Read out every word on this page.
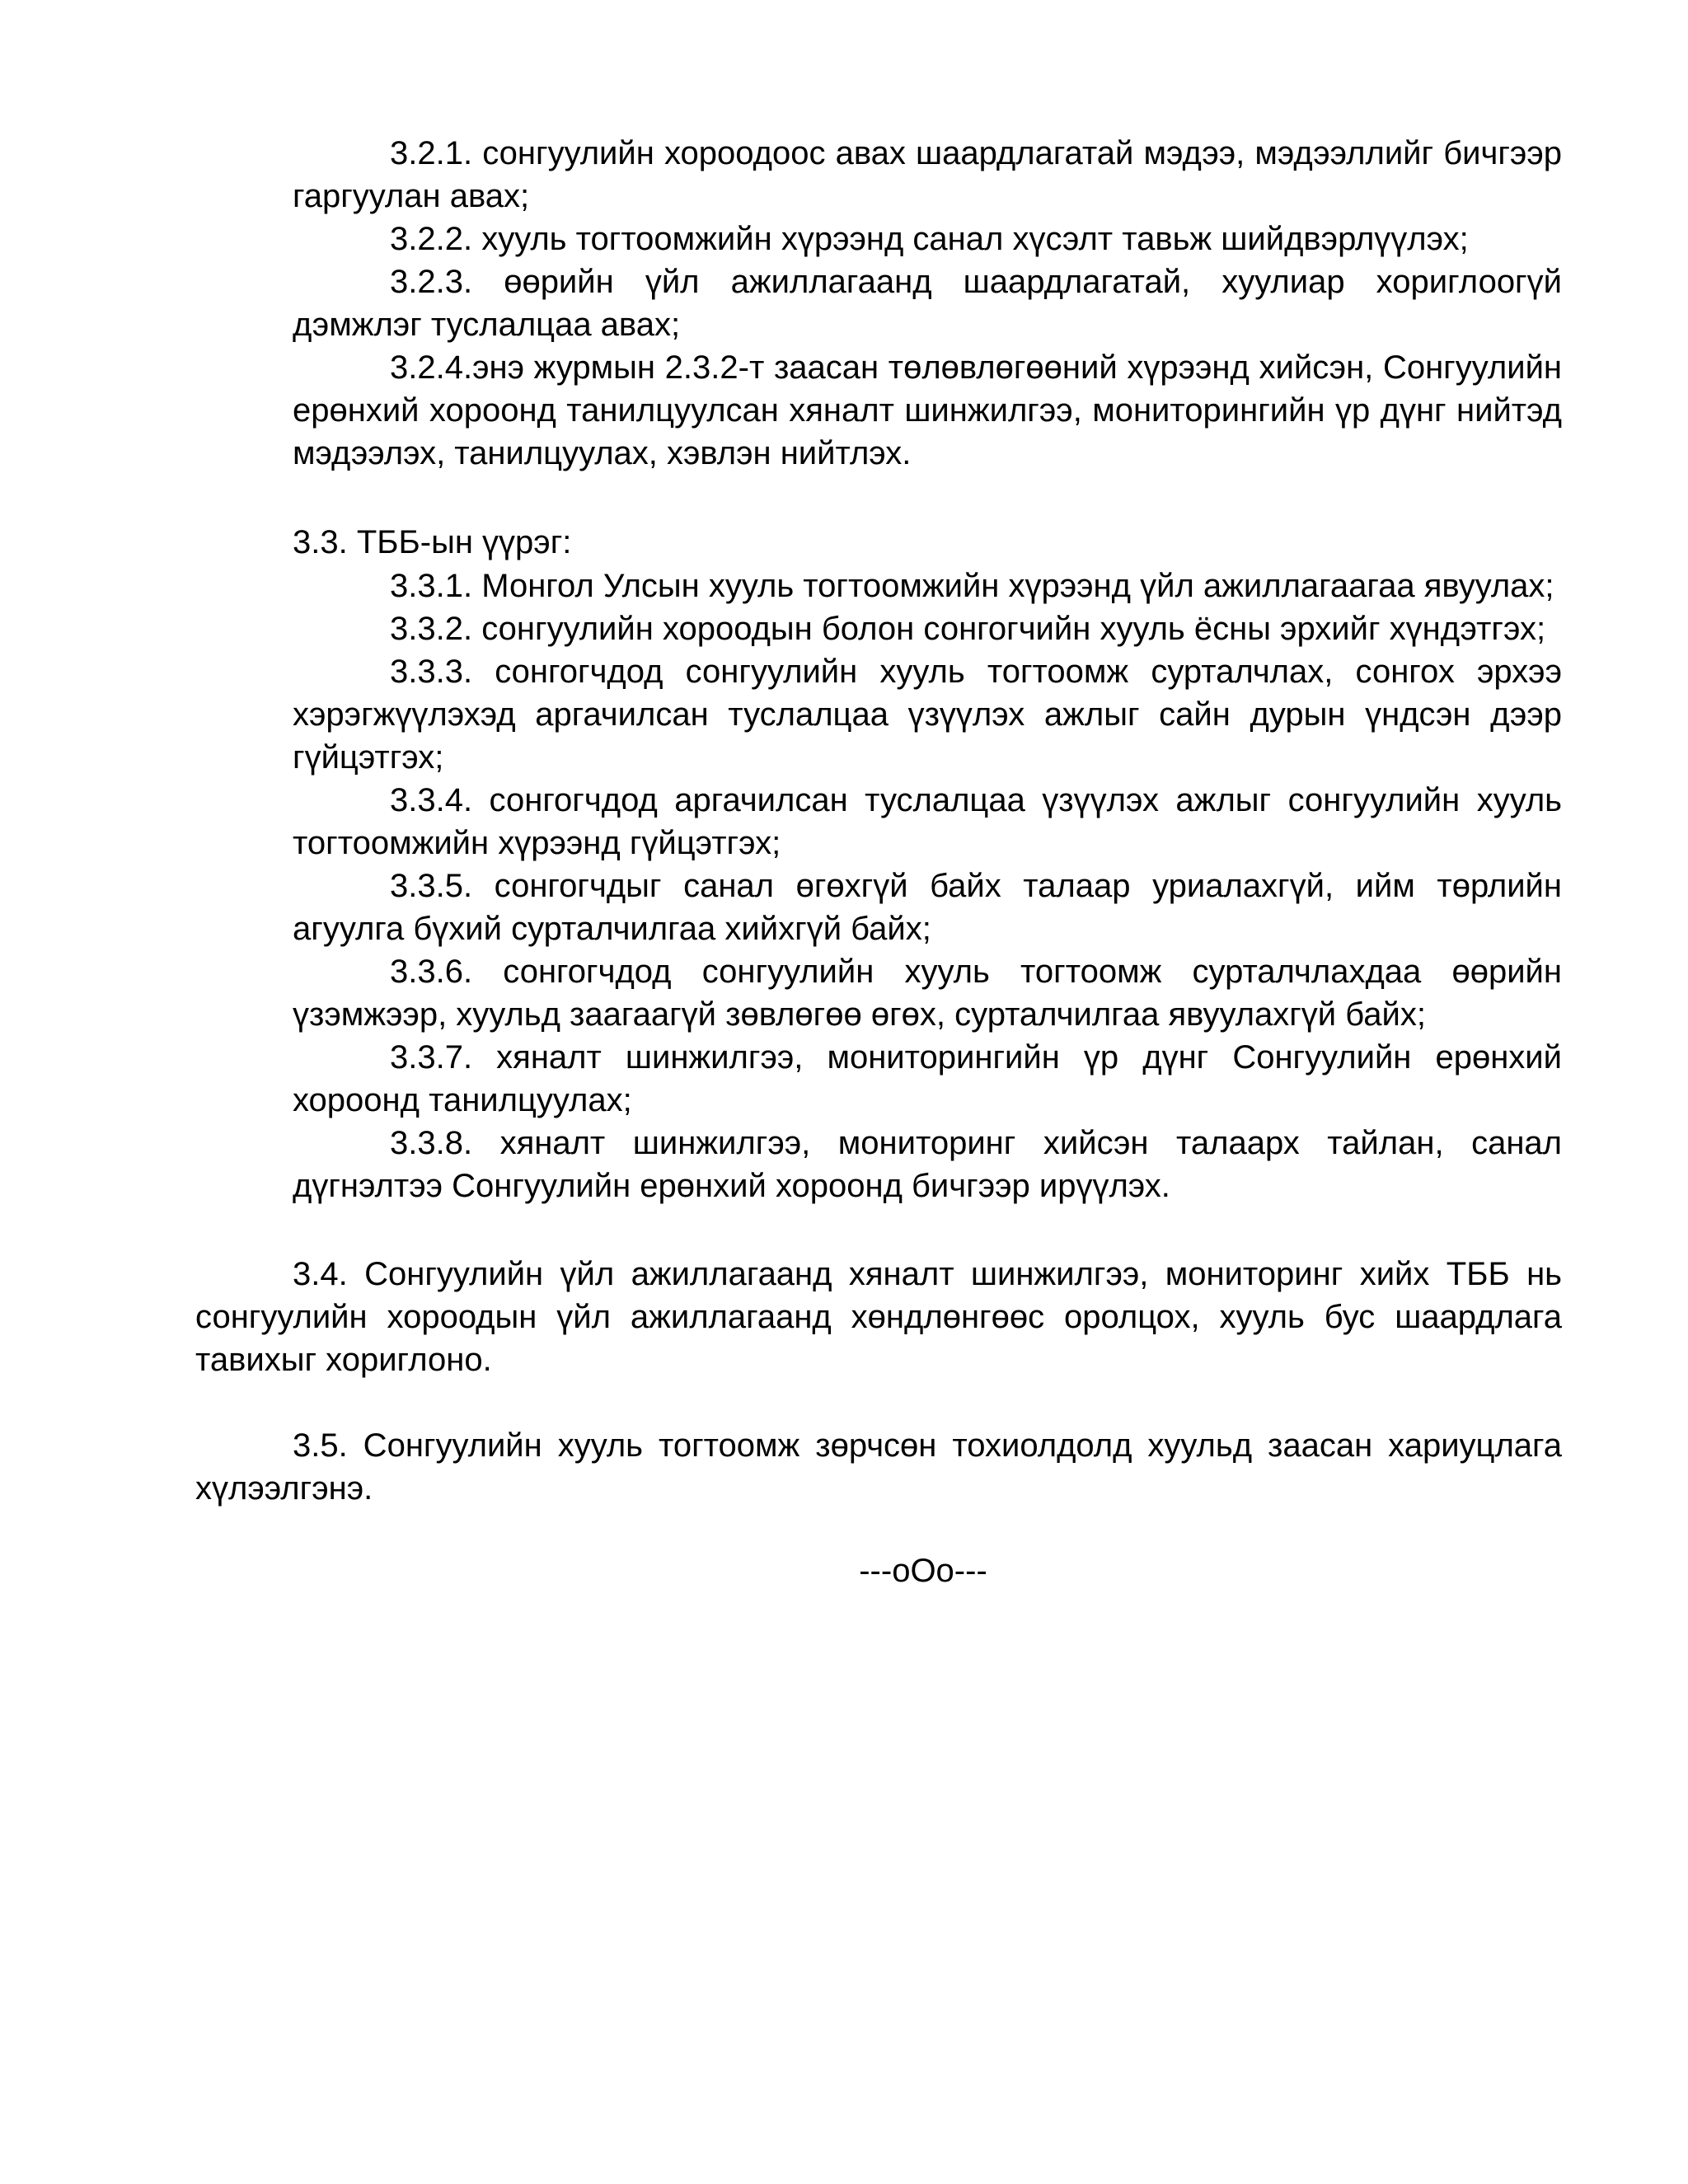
3.2.1. сонгуулийн хороодоос авах шаардлагатай мэдээ, мэдээллийг бичгээр гаргуулан авах;

3.2.2. хууль тогтоомжийн хүрээнд санал хүсэлт тавьж шийдвэрлүүлэх;

3.2.3. өөрийн үйл ажиллагаанд шаардлагатай, хуулиар хориглоогүй дэмжлэг туслалцаа авах;

3.2.4.энэ журмын 2.3.2-т заасан төлөвлөгөөний хүрээнд хийсэн, Сонгуулийн ерөнхий хороонд танилцуулсан хяналт шинжилгээ, мониторингийн үр дүнг нийтэд мэдээлэх, танилцуулах, хэвлэн нийтлэх.

3.3. ТББ-ын үүрэг:

3.3.1. Монгол Улсын хууль тогтоомжийн хүрээнд үйл ажиллагаагаа явуулах;

3.3.2. сонгуулийн хороодын болон сонгогчийн хууль ёсны эрхийг хүндэтгэх;

3.3.3. сонгогчдод сонгуулийн хууль тогтоомж сурталчлах, сонгох эрхээ хэрэгжүүлэхэд аргачилсан туслалцаа үзүүлэх ажлыг сайн дурын үндсэн дээр гүйцэтгэх;

3.3.4. сонгогчдод аргачилсан туслалцаа үзүүлэх ажлыг сонгуулийн хууль тогтоомжийн хүрээнд гүйцэтгэх;

3.3.5. сонгогчдыг санал өгөхгүй байх талаар уриалахгүй, ийм төрлийн агуулга бүхий сурталчилгаа хийхгүй байх;

3.3.6. сонгогчдод сонгуулийн хууль тогтоомж сурталчлахдаа өөрийн үзэмжээр, хуульд заагаагүй зөвлөгөө өгөх, сурталчилгаа явуулахгүй байх;

3.3.7. хяналт шинжилгээ, мониторингийн үр дүнг Сонгуулийн ерөнхий хороонд танилцуулах;

3.3.8. хяналт шинжилгээ, мониторинг хийсэн талаарх тайлан, санал дүгнэлтээ Сонгуулийн ерөнхий хороонд бичгээр ирүүлэх.

3.4. Сонгуулийн үйл ажиллагаанд хяналт шинжилгээ, мониторинг хийх ТББ нь сонгуулийн хороодын үйл ажиллагаанд хөндлөнгөөс оролцох, хууль бус шаардлага тавихыг хориглоно.

3.5. Сонгуулийн хууль тогтоомж зөрчсөн тохиолдолд хуульд заасан хариуцлага хүлээлгэнэ.

---oOo---
